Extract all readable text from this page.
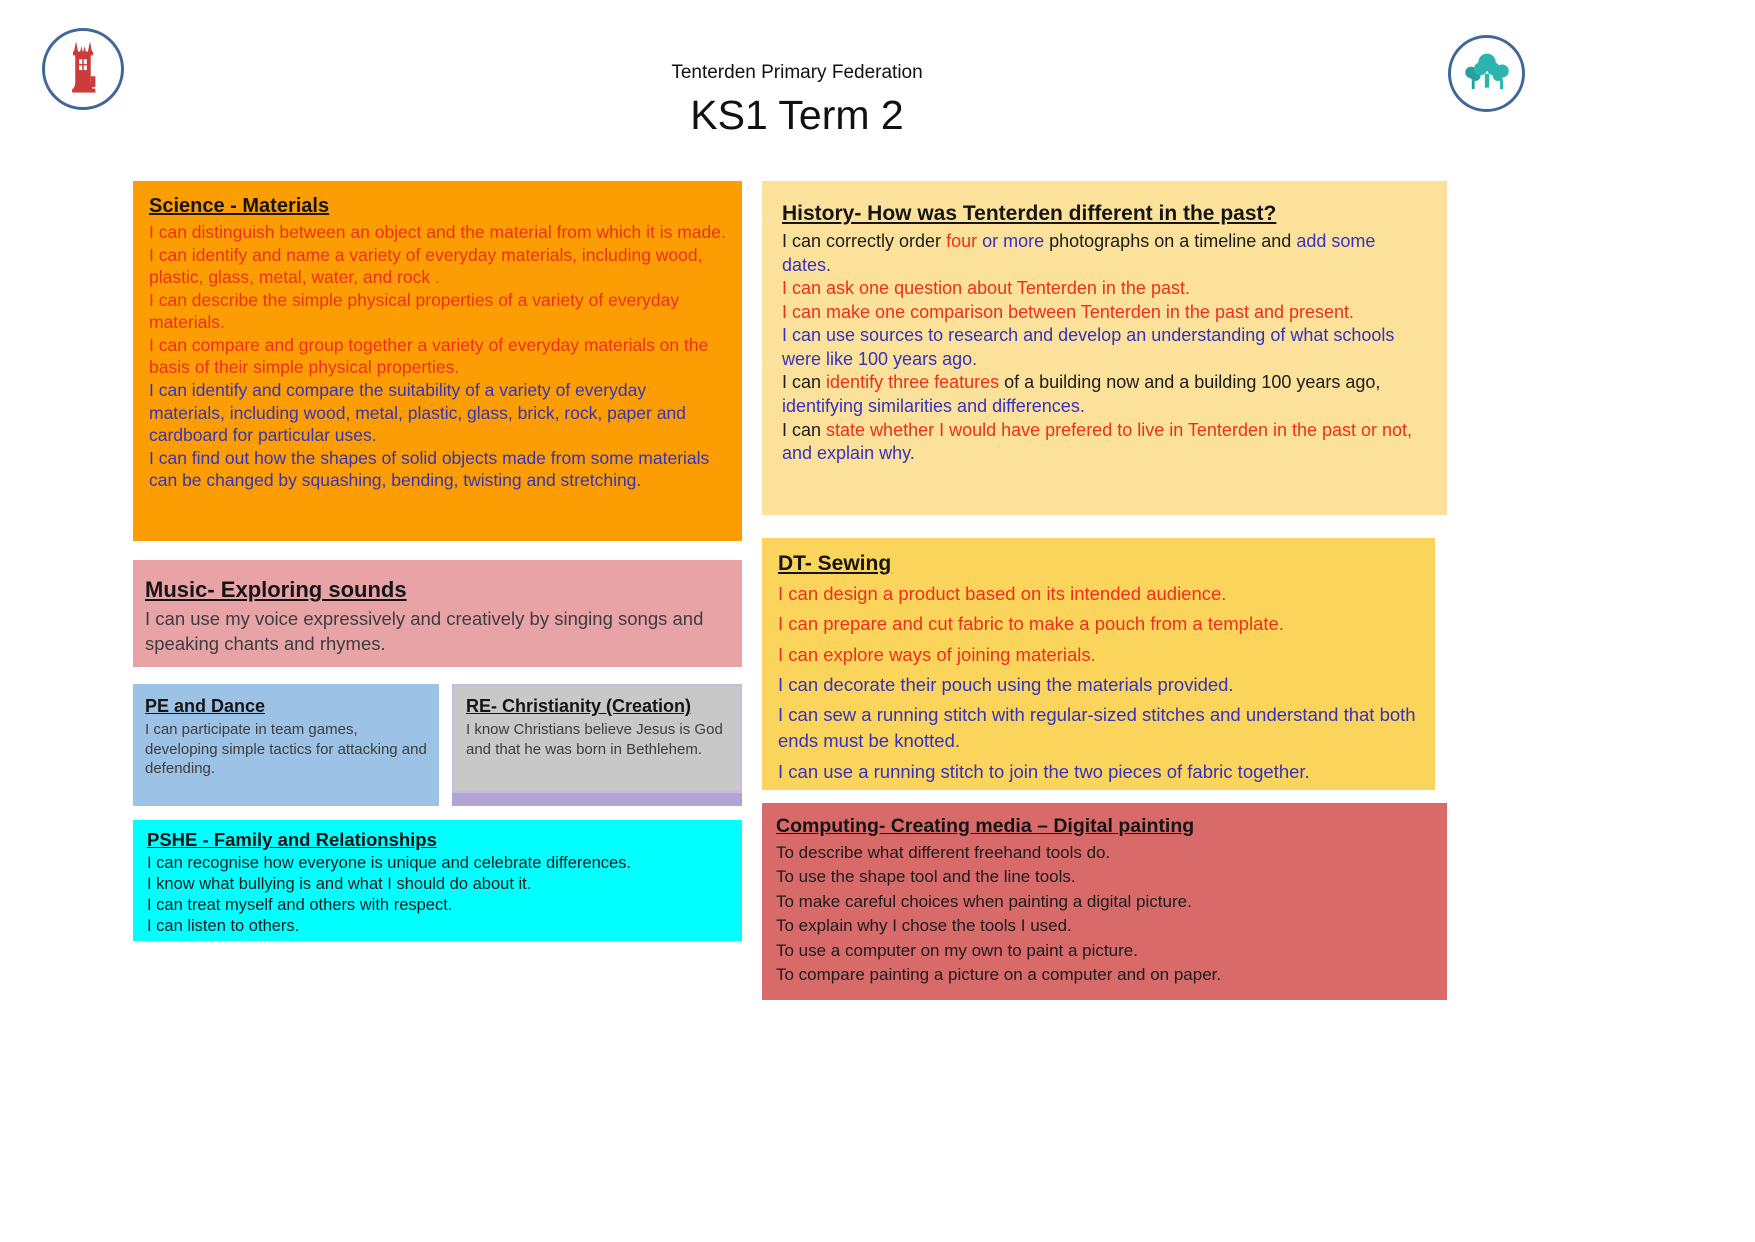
Tenterden Primary Federation
KS1 Term 2
Science - Materials
I can distinguish between an object and the material from which it is made.
I can identify and name a variety of everyday materials, including wood, plastic, glass, metal, water, and rock .
I can describe the simple physical properties of a variety of everyday materials.
I can compare and group together a variety of everyday materials on the basis of their simple physical properties.
I can identify and compare the suitability of a variety of everyday materials, including wood, metal, plastic, glass, brick, rock, paper and cardboard for particular uses.
I can find out how the shapes of solid objects made from some materials can be changed by squashing, bending, twisting and stretching.
History- How was Tenterden different in the past?
I can correctly order four or more photographs on a timeline and add some dates.
I can ask one question about Tenterden in the past.
I can make one comparison between Tenterden in the past and present.
I can use sources to research and develop an understanding of what schools were like 100 years ago.
I can identify three features of a building now and a building 100 years ago, identifying similarities and differences.
I can state whether I would have prefered to live in Tenterden in the past or not, and explain why.
Music- Exploring sounds
I can use my voice expressively and creatively by singing songs and speaking chants and rhymes.
DT- Sewing
I can design a product based on its intended audience.
I can prepare and cut fabric to make a pouch from a template.
I can explore ways of joining materials.
I can decorate their pouch using the materials provided.
I can sew a running stitch with regular-sized stitches and understand that both ends must be knotted.
I can use a running stitch to join the two pieces of fabric together.
PE and Dance
I can participate in team games, developing simple tactics for attacking and defending.
RE- Christianity (Creation)
I know Christians believe Jesus is God and that he was born in Bethlehem.
PSHE - Family and Relationships
I can recognise how everyone is unique and celebrate differences.
I know what bullying is and what I should do about it.
I can treat myself and others with respect.
I can listen to others.
Computing- Creating media – Digital painting
To describe what different freehand tools do.
To use the shape tool and the line tools.
To make careful choices when painting a digital picture.
To explain why I chose the tools I used.
To use a computer on my own to paint a picture.
To compare painting a picture on a computer and on paper.
